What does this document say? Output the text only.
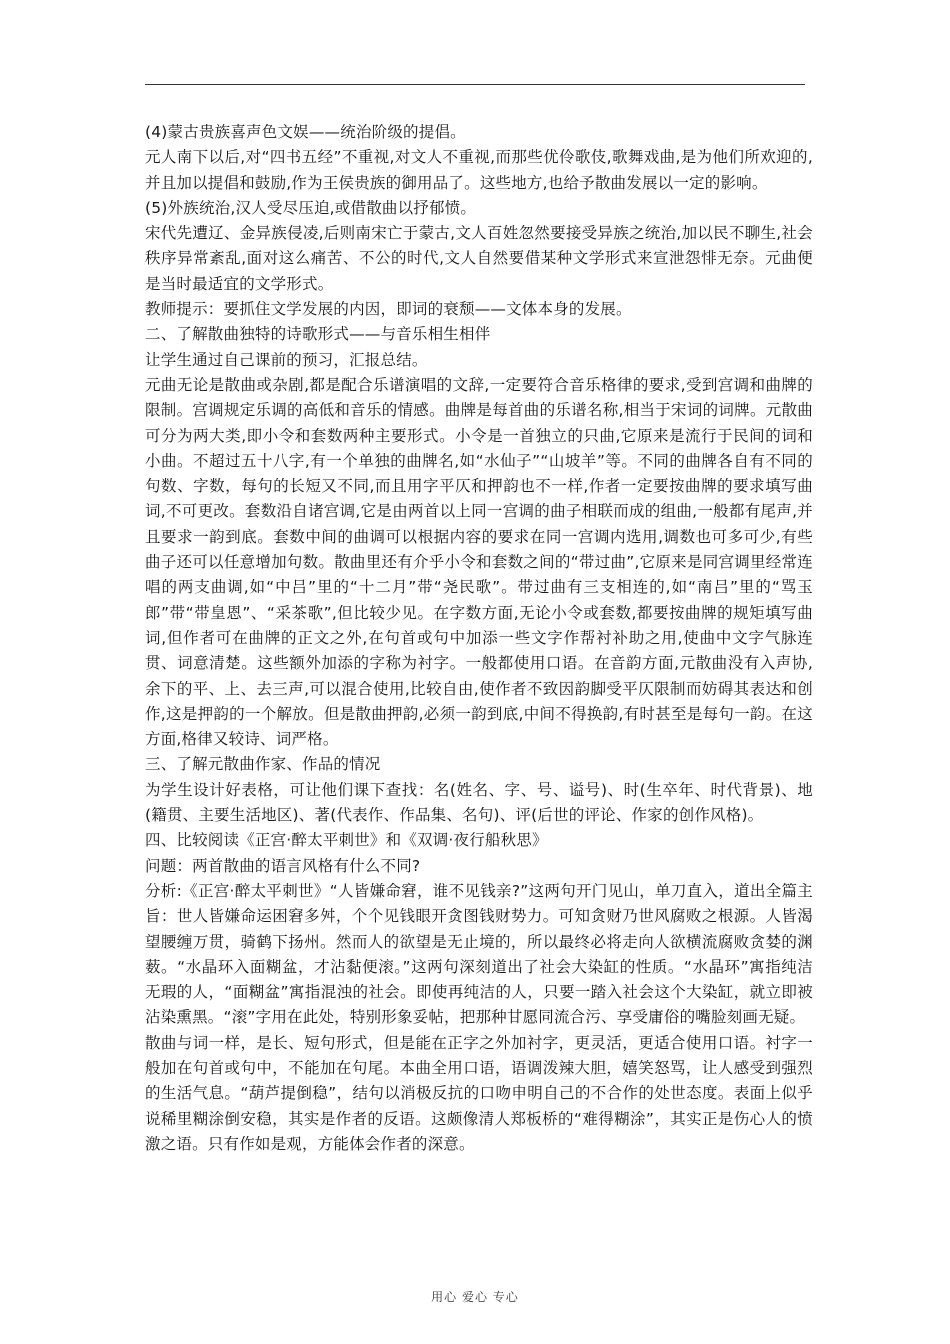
(4)蒙古贵族喜声色文娱——统治阶级的提倡。

元人南下以后,对“四书五经”不重视,对文人不重视,而那些优伶歌伎,歌舞戏曲,是为他们所欢迎的,并且加以提倡和鼓励,作为王侯贵族的御用品了。这些地方,也给予散曲发展以一定的影响。

(5)外族统治,汉人受尽压迫,或借散曲以抒郁愤。

宋代先遭辽、金异族侵凌,后则南宋亡于蒙古,文人百姓忽然要接受异族之统治,加以民不聊生,社会秩序异常紊乱,面对这么痛苦、不公的时代,文人自然要借某种文学形式来宣泄怨悱无奈。元曲便是当时最适宜的文学形式。

教师提示：要抓住文学发展的内因，即词的衰颓——文体本身的发展。

二、了解散曲独特的诗歌形式——与音乐相生相伴

让学生通过自己课前的预习，汇报总结。

元曲无论是散曲或杂剧,都是配合乐谱演唱的文辞,一定要符合音乐格律的要求,受到宫调和曲牌的限制。宫调规定乐调的高低和音乐的情感。曲牌是每首曲的乐谱名称,相当于宋词的词牌。元散曲可分为两大类,即小令和套数两种主要形式。小令是一首独立的只曲,它原来是流行于民间的词和小曲。不超过五十八字,有一个单独的曲牌名,如“水仙子”“山坡羊”等。不同的曲牌各自有不同的句数、字数，每句的长短又不同,而且用字平仄和押韵也不一样,作者一定要按曲牌的要求填写曲词,不可更改。套数沿自诸宫调,它是由两首以上同一宫调的曲子相联而成的组曲,一般都有尾声,并且要求一韵到底。套数中间的曲调可以根据内容的要求在同一宫调内选用,调数也可多可少,有些曲子还可以任意增加句数。散曲里还有介乎小令和套数之间的“带过曲”,它原来是同宫调里经常连唱的两支曲调,如“中吕”里的“十二月”带“尧民歌”。带过曲有三支相连的,如“南吕”里的“骂玉郎”带“带皇恩”、“采茶歌”,但比较少见。在字数方面,无论小令或套数,都要按曲牌的规矩填写曲词,但作者可在曲牌的正文之外,在句首或句中加添一些文字作帮衬补助之用,使曲中文字气脉连贯、词意清楚。这些额外加添的字称为衬字。一般都使用口语。在音韵方面,元散曲没有入声协,余下的平、上、去三声,可以混合使用,比较自由,使作者不致因韵脚受平仄限制而妨碍其表达和创作,这是押韵的一个解放。但是散曲押韵,必须一韵到底,中间不得换韵,有时甚至是每句一韵。在这方面,格律又较诗、词严格。

三、了解元散曲作家、作品的情况

为学生设计好表格，可让他们课下查找：名(姓名、字、号、谥号)、时(生卒年、时代背景)、地(籍贯、主要生活地区)、著(代表作、作品集、名句)、评(后世的评论、作家的创作风格)。

四、比较阅读《正宫·醉太平刺世》和《双调·夜行船秋思》

问题：两首散曲的语言风格有什么不同?

分析:《正宫·醉太平刺世》“人皆嫌命窘，谁不见钱亲?”这两句开门见山，单刀直入，道出全篇主旨：世人皆嫌命运困窘多舛，个个见钱眼开贪图钱财势力。可知贪财乃世风腐败之根源。人皆渴望腰缠万贯，骑鹤下扬州。然而人的欲望是无止境的，所以最终必将走向人欲横流腐败贪婪的渊薮。“水晶环入面糊盆，才沾黏便滚。”这两句深刻道出了社会大染缸的性质。“水晶环”寓指纯洁无瑕的人，“面糊盆”寓指混浊的社会。即使再纯洁的人，只要一踏入社会这个大染缸，就立即被沾染熏黑。“滚”字用在此处，特别形象妥帖，把那种甘愿同流合污、享受庸俗的嘴脸刻画无疑。

散曲与词一样，是长、短句形式，但是能在正字之外加衬字，更灵活，更适合使用口语。衬字一般加在句首或句中，不能加在句尾。本曲全用口语，语调泼辣大胆，嬉笑怒骂，让人感受到强烈的生活气息。“葫芦提倒稳”，结句以消极反抗的口吻申明自己的不合作的处世态度。表面上似乎说稀里糊涂倒安稳，其实是作者的反语。这颇像清人郑板桥的“难得糊涂”，其实正是伤心人的愤激之语。只有作如是观，方能体会作者的深意。

用心 爱心 专心
